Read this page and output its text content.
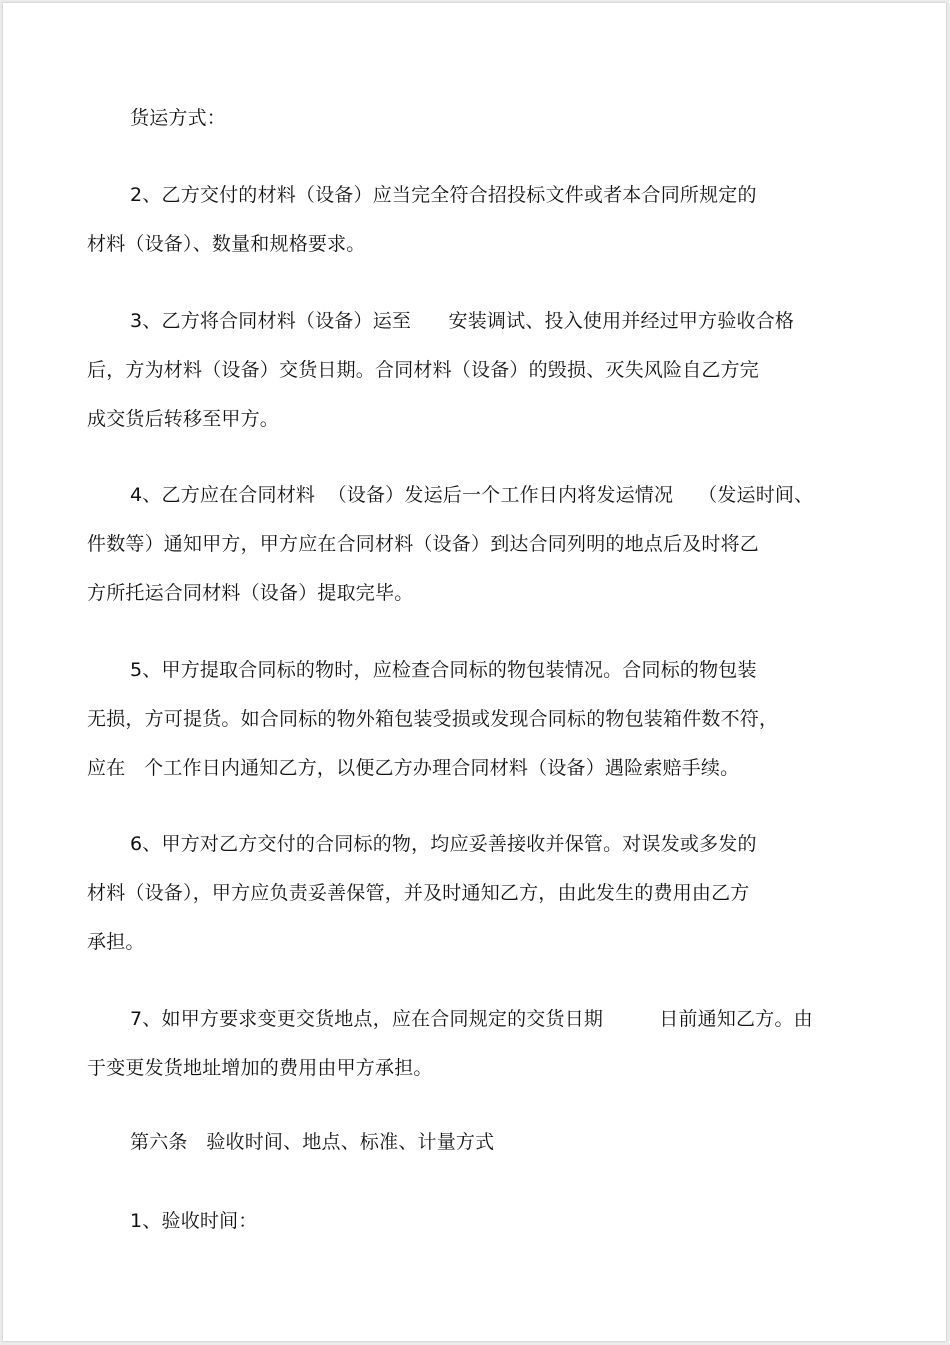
货运方式：
2、乙方交付的材料（设备）应当完全符合招投标文件或者本合同所规定的
材料（设备）、数量和规格要求。
3、乙方将合同材料（设备）运至      安装调试、投入使用并经过甲方验收合格
后，方为材料（设备）交货日期。合同材料（设备）的毁损、灭失风险自乙方完
成交货后转移至甲方。
4、乙方应在合同材料  （设备）发运后一个工作日内将发运情况    （发运时间、
件数等）通知甲方，甲方应在合同材料（设备）到达合同列明的地点后及时将乙
方所托运合同材料（设备）提取完毕。
5、甲方提取合同标的物时，应检查合同标的物包装情况。合同标的物包装
无损，方可提货。如合同标的物外箱包装受损或发现合同标的物包装箱件数不符，
应在   个工作日内通知乙方，以便乙方办理合同材料（设备）遇险索赔手续。
6、甲方对乙方交付的合同标的物，均应妥善接收并保管。对误发或多发的
材料（设备），甲方应负责妥善保管，并及时通知乙方，由此发生的费用由乙方
承担。
7、如甲方要求变更交货地点，应在合同规定的交货日期         日前通知乙方。由
于变更发货地址增加的费用由甲方承担。
第六条   验收时间、地点、标准、计量方式
1、验收时间：
